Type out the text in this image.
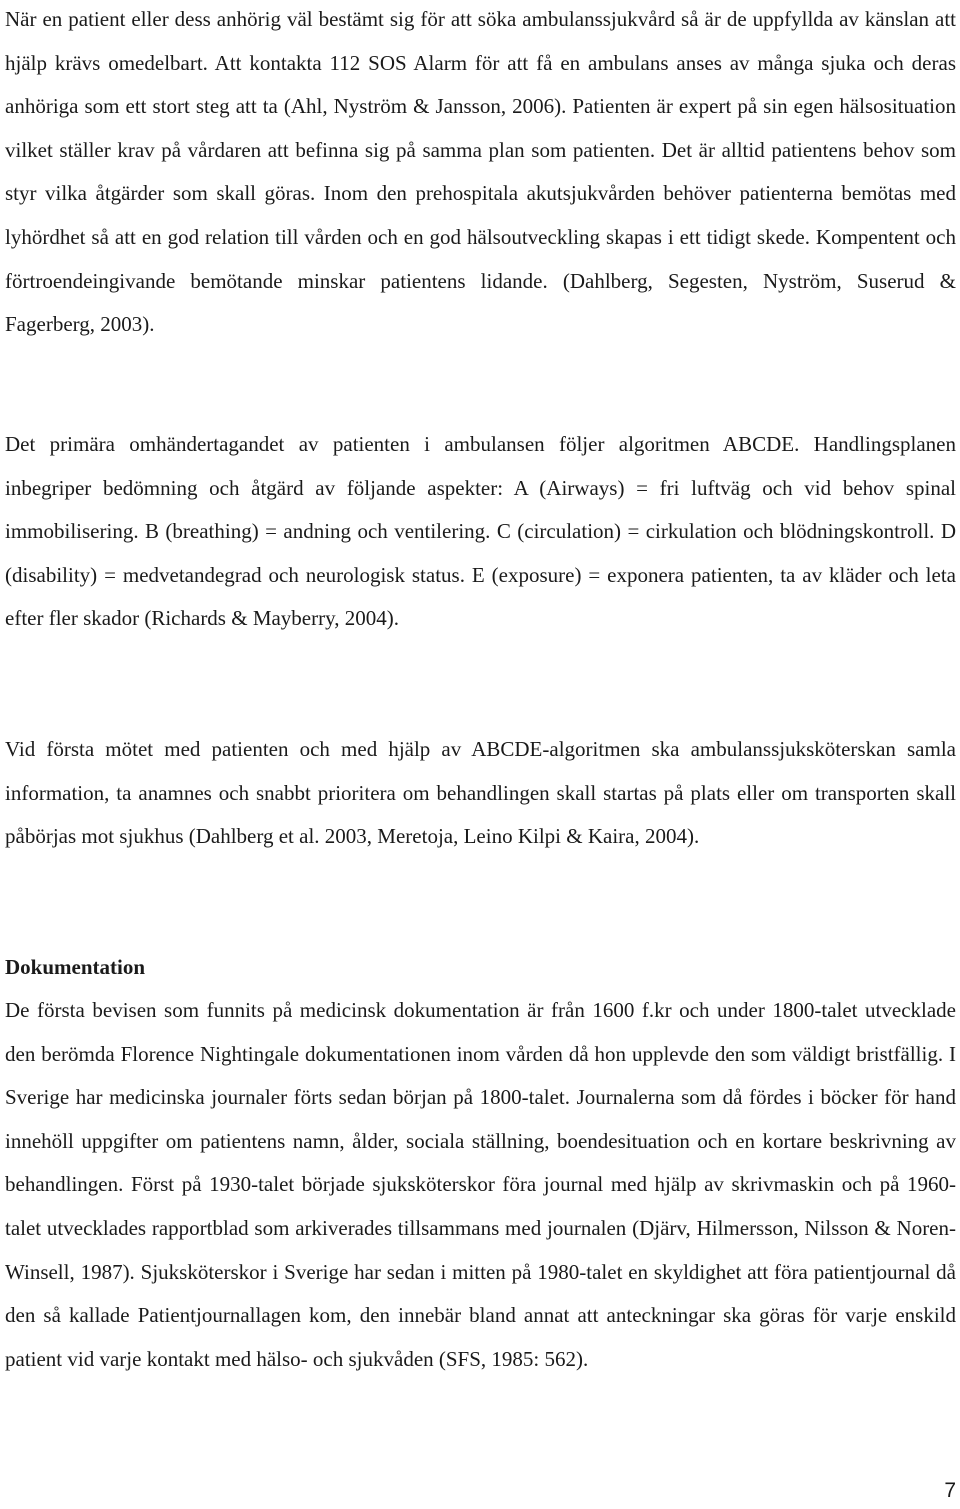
När en patient eller dess anhörig väl bestämt sig för att söka ambulanssjukvård så är de uppfyllda av känslan att hjälp krävs omedelbart. Att kontakta 112 SOS Alarm för att få en ambulans anses av många sjuka och deras anhöriga som ett stort steg att ta (Ahl, Nyström & Jansson, 2006). Patienten är expert på sin egen hälsosituation vilket ställer krav på vårdaren att befinna sig på samma plan som patienten. Det är alltid patientens behov som styr vilka åtgärder som skall göras. Inom den prehospitala akutsjukvården behöver patienterna bemötas med lyhördhet så att en god relation till vården och en god hälsoutveckling skapas i ett tidigt skede. Kompentent och förtroendeingivande bemötande minskar patientens lidande. (Dahlberg, Segesten, Nyström, Suserud & Fagerberg, 2003).

Det primära omhändertagandet av patienten i ambulansen följer algoritmen ABCDE. Handlingsplanen inbegriper bedömning och åtgärd av följande aspekter: A (Airways) = fri luftväg och vid behov spinal immobilisering. B (breathing) = andning och ventilering. C (circulation) = cirkulation och blödningskontroll. D (disability) = medvetandegrad och neurologisk status. E (exposure) = exponera patienten, ta av kläder och leta efter fler skador (Richards & Mayberry, 2004).

Vid första mötet med patienten och med hjälp av ABCDE-algoritmen ska ambulanssjuksköterskan samla information, ta anamnes och snabbt prioritera om behandlingen skall startas på plats eller om transporten skall påbörjas mot sjukhus (Dahlberg et al. 2003, Meretoja, Leino Kilpi & Kaira, 2004).

Dokumentation

De första bevisen som funnits på medicinsk dokumentation är från 1600 f.kr och under 1800-talet utvecklade den berömda Florence Nightingale dokumentationen inom vården då hon upplevde den som väldigt bristfällig. I Sverige har medicinska journaler förts sedan början på 1800-talet. Journalerna som då fördes i böcker för hand innehöll uppgifter om patientens namn, ålder, sociala ställning, boendesituation och en kortare beskrivning av behandlingen. Först på 1930-talet började sjuksköterskor föra journal med hjälp av skrivmaskin och på 1960-talet utvecklades rapportblad som arkiverades tillsammans med journalen (Djärv, Hilmersson, Nilsson & Noren-Winsell, 1987). Sjuksköterskor i Sverige har sedan i mitten på 1980-talet en skyldighet att föra patientjournal då den så kallade Patientjournallagen kom, den innebär bland annat att anteckningar ska göras för varje enskild patient vid varje kontakt med hälso- och sjukvåden (SFS, 1985: 562).

7
